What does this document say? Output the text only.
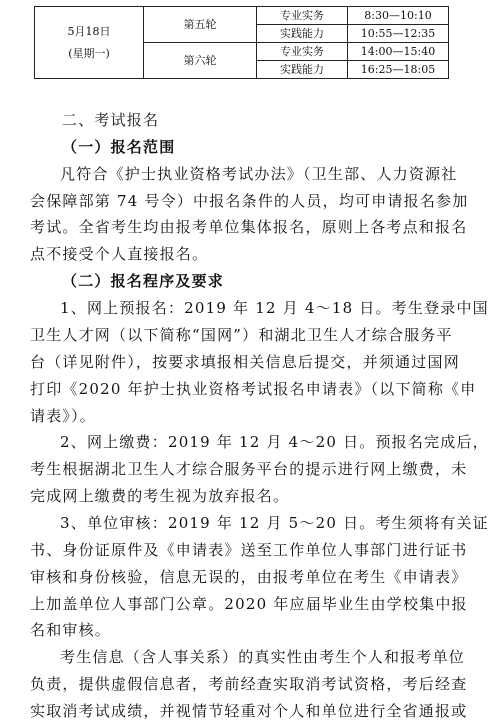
5月18日
(星期一)	第五轮	专业实务	8:30—10:10
		实践能力	10:55—12:35
	第六轮	专业实务	14:00—15:40
		实践能力	16:25—18:05
二、考试报名
（一）报名范围
凡符合《护士执业资格考试办法》（卫生部、人力资源社
会保障部第 74 号令）中报名条件的人员，均可申请报名参加
考试。全省考生均由报考单位集体报名，原则上各考点和报名
点不接受个人直接报名。
（二）报名程序及要求
1、网上预报名：2019 年 12 月 4～18 日。考生登录中国
卫生人才网（以下简称“国网”）和湖北卫生人才综合服务平
台（详见附件），按要求填报相关信息后提交，并须通过国网
打印《2020 年护士执业资格考试报名申请表》（以下简称《申
请表》）。
2、网上缴费：2019 年 12 月 4～20 日。预报名完成后，
考生根据湖北卫生人才综合服务平台的提示进行网上缴费，未
完成网上缴费的考生视为放弃报名。
3、单位审核：2019 年 12 月 5～20 日。考生须将有关证
书、身份证原件及《申请表》送至工作单位人事部门进行证书
审核和身份核验，信息无误的，由报考单位在考生《申请表》
上加盖单位人事部门公章。2020 年应届毕业生由学校集中报
名和审核。
考生信息（含人事关系）的真实性由考生个人和报考单位
负责，提供虚假信息者，考前经查实取消考试资格，考后经查
实取消考试成绩，并视情节轻重对个人和单位进行全省通报或
